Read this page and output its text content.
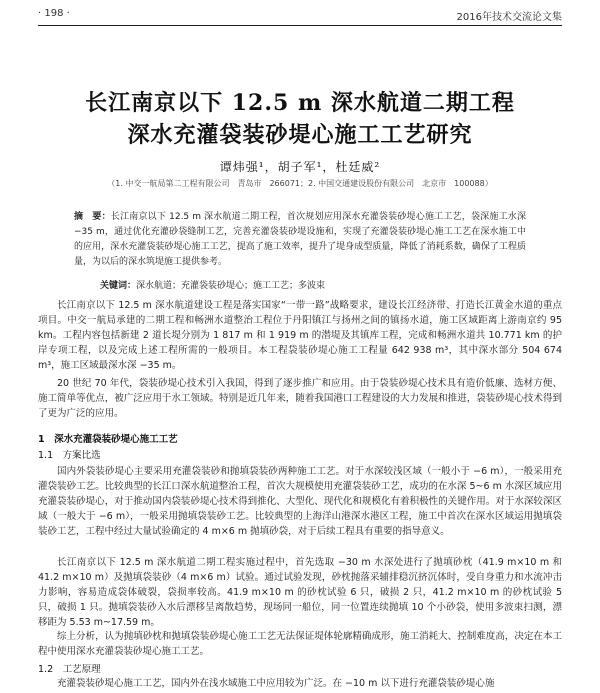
· 198 ·	2016年技术交流论文集
长江南京以下 12.5 m 深水航道二期工程
深水充灌袋装砂堤心施工工艺研究
谭炜强¹，胡子军¹，杜廷威²
（1. 中交一航局第二工程有限公司　青岛市　266071；2. 中国交通建设股份有限公司　北京市　100088）
摘　要：长江南京以下 12.5 m 深水航道二期工程，首次规划应用深水充灌袋装砂堤心施工工艺，袋深施工水深 −35 m，通过优化充灌砂袋缝制工艺，完善充灌袋装砂堤设施和，实现了充灌袋装砂堤心施工工艺在深水施工中的应用，深水充灌袋装砂堤心施工工艺，提高了施工效率，提升了堤身成型质量，降低了消耗系数，确保了工程质量，为以后的深水筑堤施工提供参考。
关键词：深水航道；充灌袋装砂堤心；施工工艺；多波束
长江南京以下 12.5 m 深水航道建设工程是落实国家“一带一路”战略要求，建设长江经济带、打造长江黄金水道的重点项目。中交一航局承建的二期工程和畅洲水道整治工程位于丹阳镇江与扬州之间的镇扬水道，施工区域距离上游南京约 95 km。工程内容包括新建 2 道长堤分别为 1 817 m 和 1 919 m 的潜堤及其镇库工程，完成和畅洲水道共 10.771 km 的护岸专项工程，以及完成上述工程所需的一般项目。本工程袋装砂堤心施工工程量 642 938 m³，其中深水部分 504 674 m³，施工区域最深水深 −35 m。
20 世纪 70 年代，袋装砂堤心技术引入我国，得到了逐步推广和应用。由于袋装砂堤心技术具有造价低廉、选材方便、施工简单等优点，被广泛应用于水工领域。特别是近几年来，随着我国港口工程建设的大力发展和推进，袋装砂堤心技术得到了更为广泛的应用。
1　深水充灌袋装砂堤心施工工艺
1.1　方案比选
国内外袋装砂堤心主要采用充灌袋装砂和抛填袋装砂两种施工工艺。对于水深较浅区域（一般小于 −6 m），一般采用充灌袋装砂工艺。比较典型的长江口深水航道整治工程，首次大规模使用充灌袋装砂工艺，成功的在水深 5~6 m 水深区域应用充灌袋装砂堤心，对于推动国内袋装砂堤心技术得到推化、大型化、现代化和规模化有着积极性的关键作用。对于水深较深区域（一般大于 −6 m），一般采用抛填袋装砂工艺。比较典型的上海洋山港深水港区工程，施工中首次在深水区域运用抛填袋装砂工艺，工程中经过大量试验确定的 4 m×6 m 抛填砂袋，对于后续工程具有重要的指导意义。
长江南京以下 12.5 m 深水航道二期工程实施过程中，首先选取 −30 m 水深处进行了抛填砂枕（41.9 m×10 m 和 41.2 m×10 m）及抛填袋装砂（4 m×6 m）试验。通过试验发现，砂枕抛落采辅排稳沉挤沉体时，受自身重力和水流冲击力影响，容易造成袋体破裂，袋损率较高。41.9 m×10 m 的砂枕试验 6 只，破损 2 只，41.2 m×10 m 的砂枕试验 5 只，破损 1 只。抛填袋装砂入水后漂移呈离散趋势，现场同一船位，同一位置连续抛填 10 个小砂袋，使用多波束扫测，漂移距为 5.53 m~17.59 m。
综上分析，认为抛填砂枕和抛填袋装砂堤心施工工艺无法保证堤体轮廓精确成形，施工消耗大、控制难度高，决定在本工程中使用深水充灌袋装砂堤心施工工艺。
1.2　工艺原理
充灌袋装砂堤心施工工艺，国内外在浅水域施工中应用较为广泛。在 −10 m 以下进行充灌袋装砂堤心施
